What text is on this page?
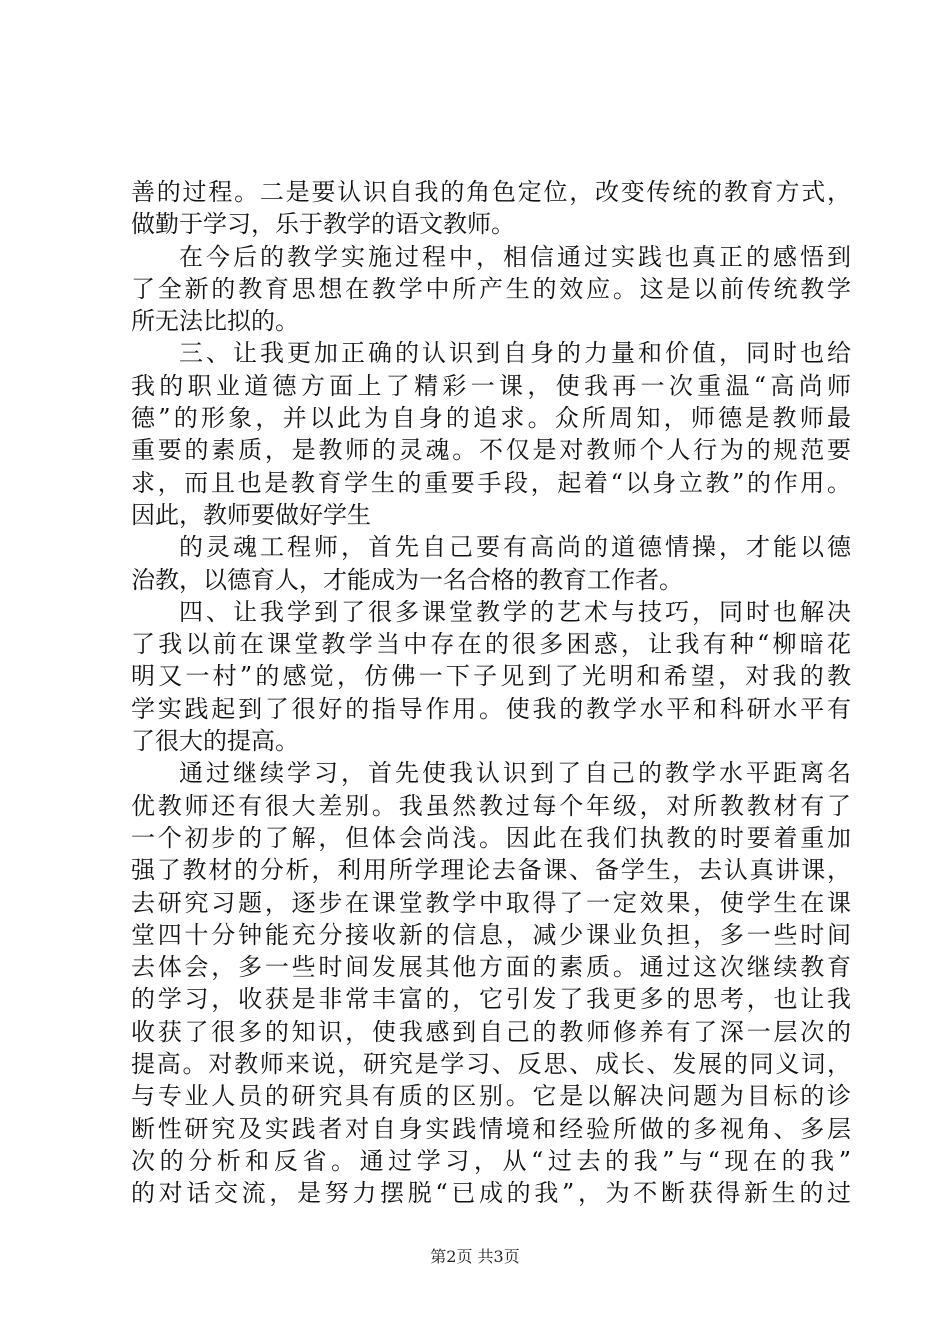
善的过程。二是要认识自我的角色定位，改变传统的教育方式，
做勤于学习，乐于教学的语文教师。
在今后的教学实施过程中，相信通过实践也真正的感悟到
了全新的教育思想在教学中所产生的效应。这是以前传统教学
所无法比拟的。
三、让我更加正确的认识到自身的力量和价值，同时也给
我的职业道德方面上了精彩一课，使我再一次重温“高尚师
德”的形象，并以此为自身的追求。众所周知，师德是教师最
重要的素质，是教师的灵魂。不仅是对教师个人行为的规范要
求，而且也是教育学生的重要手段，起着“以身立教”的作用。
因此，教师要做好学生
的灵魂工程师，首先自己要有高尚的道德情操，才能以德
治教，以德育人，才能成为一名合格的教育工作者。
四、让我学到了很多课堂教学的艺术与技巧，同时也解决
了我以前在课堂教学当中存在的很多困惑，让我有种“柳暗花
明又一村”的感觉，仿佛一下子见到了光明和希望，对我的教
学实践起到了很好的指导作用。使我的教学水平和科研水平有
了很大的提高。
通过继续学习，首先使我认识到了自己的教学水平距离名
优教师还有很大差别。我虽然教过每个年级，对所教教材有了
一个初步的了解，但体会尚浅。因此在我们执教的时要着重加
强了教材的分析，利用所学理论去备课、备学生，去认真讲课，
去研究习题，逐步在课堂教学中取得了一定效果，使学生在课
堂四十分钟能充分接收新的信息，减少课业负担，多一些时间
去体会，多一些时间发展其他方面的素质。通过这次继续教育
的学习，收获是非常丰富的，它引发了我更多的思考，也让我
收获了很多的知识，使我感到自己的教师修养有了深一层次的
提高。对教师来说，研究是学习、反思、成长、发展的同义词，
与专业人员的研究具有质的区别。它是以解决问题为目标的诊
断性研究及实践者对自身实践情境和经验所做的多视角、多层
次的分析和反省。通过学习，从“过去的我”与“现在的我”
的对话交流，是努力摆脱“已成的我”，为不断获得新生的过
第2页 共3页
